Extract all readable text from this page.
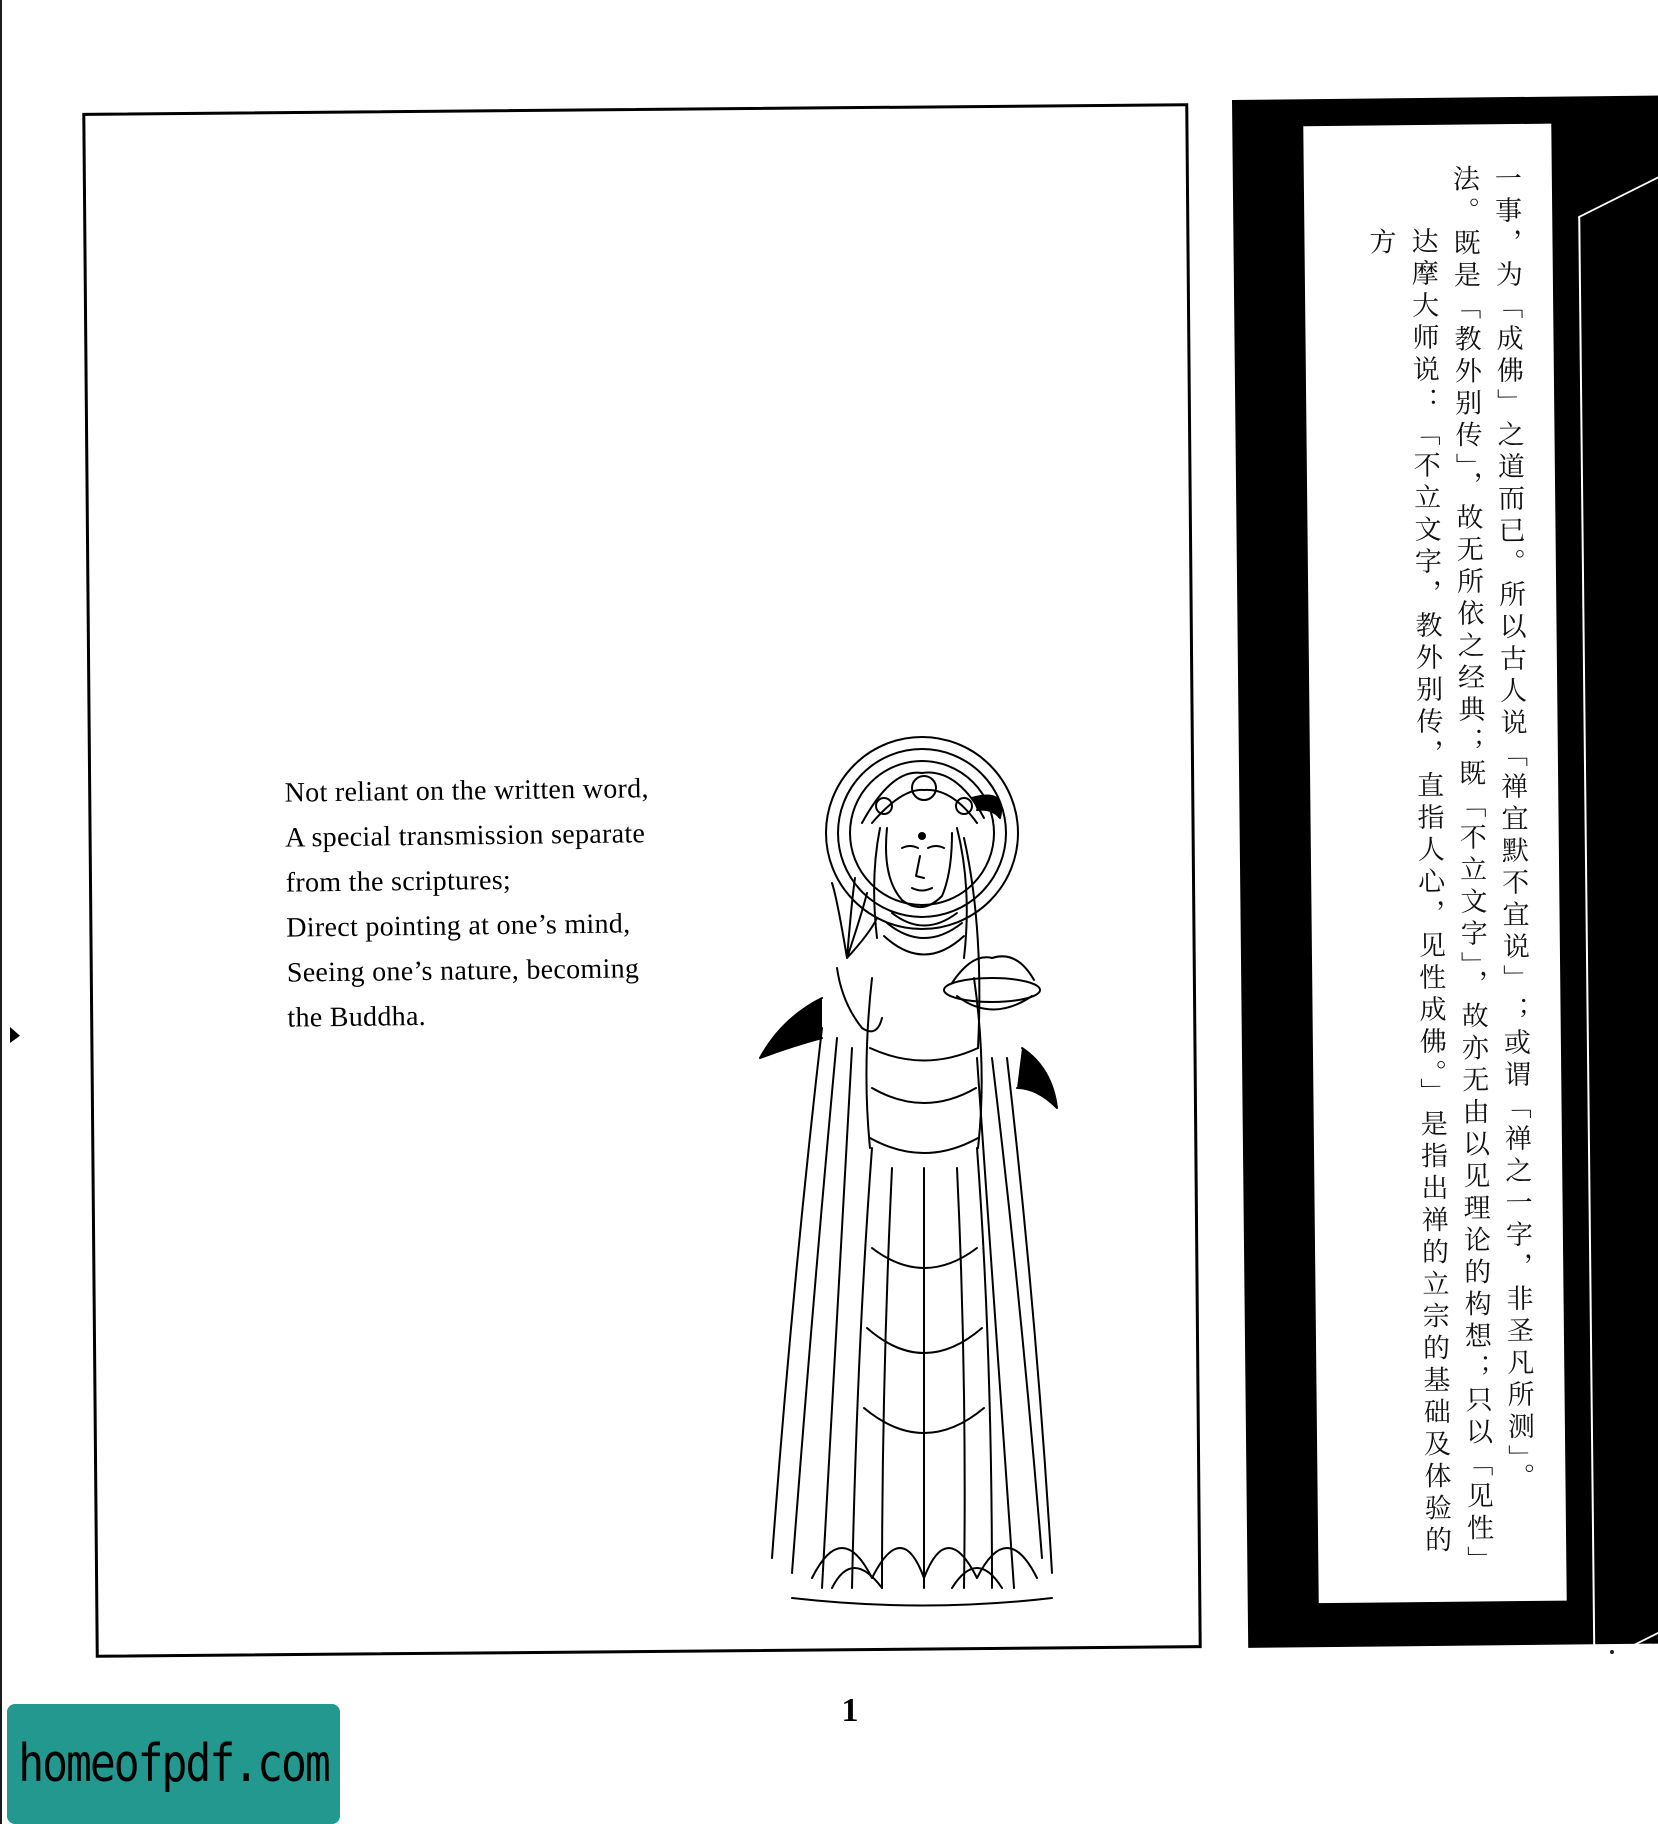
Not reliant on the written word,
A special transmission separate
from the scriptures;
Direct pointing at one’s mind,
Seeing one’s nature, becoming
the Buddha.	一事，为「成佛」之道而已。所以古人说「禅宜默不宜说」；或谓「禅之一字，非圣凡所测」。
法。既是「教外别传」，故无所依之经典；既「不立文字」，故亦无由以见理论的构想；只以「见性」
达摩大师说：「不立文字，教外别传，直指人心，见性成佛。」是指出禅的立宗的基础及体验的方
1
homeofpdf.com
